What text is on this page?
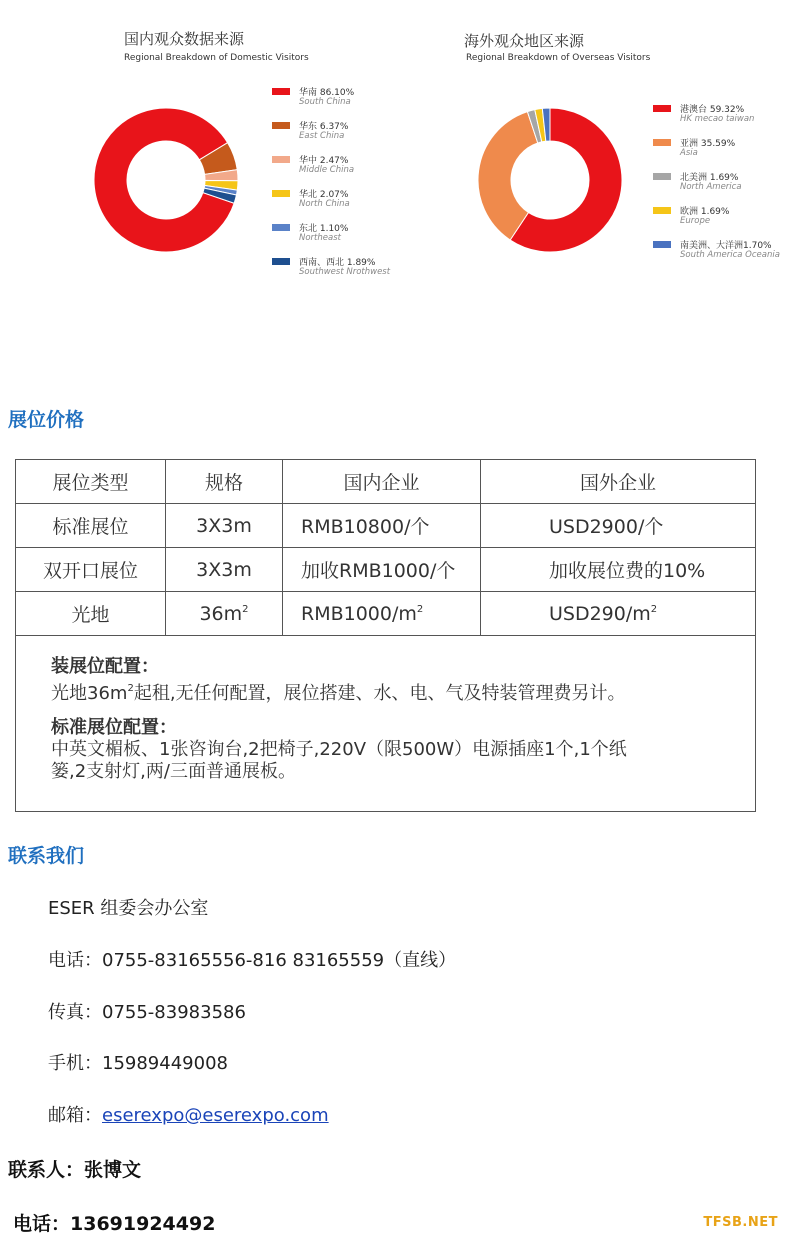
国内观众数据来源
Regional Breakdown of Domestic Visitors
华南 86.10%
South China
华东 6.37%
East China
华中 2.47%
Middle China
华北 2.07%
North China
东北 1.10%
Northeast
西南、西北 1.89%
Southwest Nrothwest
海外观众地区来源
Regional Breakdown of Overseas Visitors
港澳台 59.32%
HK mecao taiwan
亚洲 35.59%
Asia
北美洲 1.69%
North America
欧洲 1.69%
Europe
南美洲、大洋洲1.70%
South America Oceania
展位价格
展位类型	规格	国内企业	国外企业
标准展位	3X3m	RMB10800/个	USD2900/个
双开口展位	3X3m	加收RMB1000/个	加收展位费的10%
光地	$36m^2$	$RMB1000/m^2$	$USD290/m^2$

装展位配置：
光地$36m^2$起租,无任何配置，展位搭建、水、电、气及特装管理费另计。
标准展位配置：
中英文楣板、1张咨询台,2把椅子,220V（限500W）电源插座1个,1个纸
篓,2支射灯,两/三面普通展板。			
联系我们
ESER 组委会办公室
电话：0755-83165556-816 83165559（直线）
传真：0755-83983586
手机：15989449008
邮箱：eserexpo@eserexpo.com
联系人：张博文
电话：13691924492	TFSB.NET
